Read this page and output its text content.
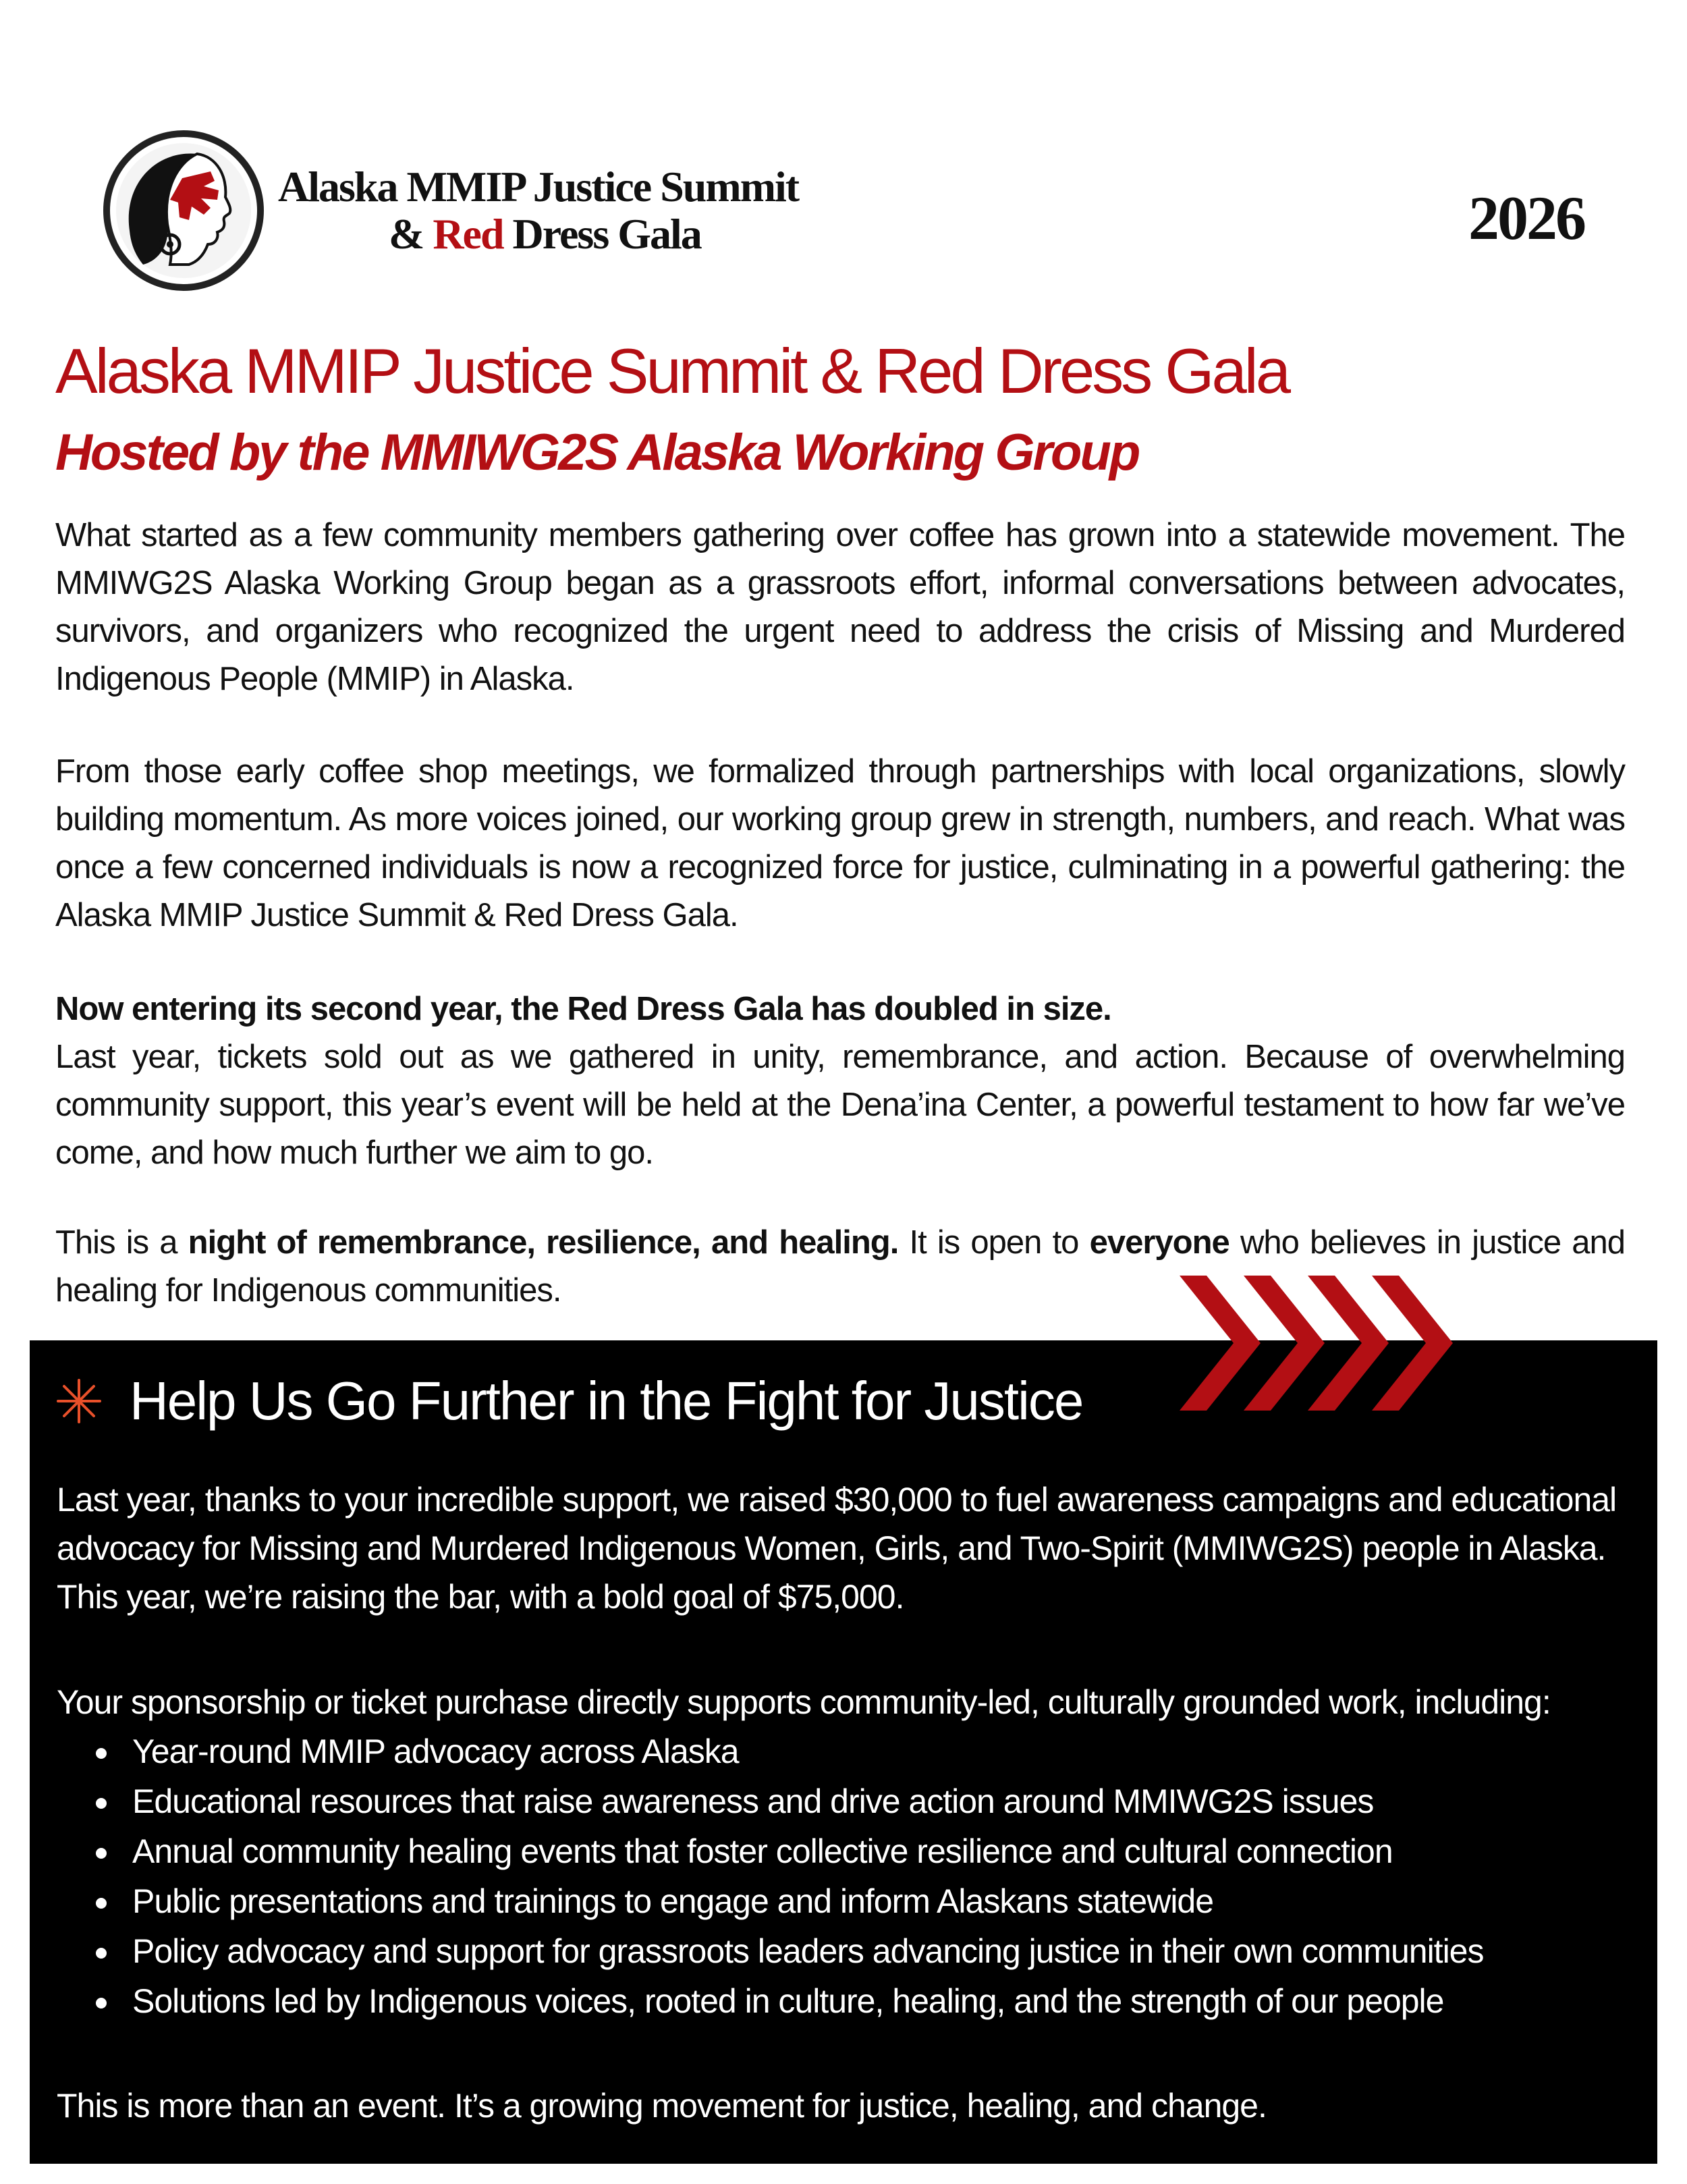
Alaska MMIP Justice Summit
& Red Dress Gala	2026
Alaska MMIP Justice Summit & Red Dress Gala
Hosted by the MMIWG2S Alaska Working Group
What started as a few community members gathering over coffee has grown into a statewide movement. The MMIWG2S Alaska Working Group began as a grassroots effort, informal conversations between advocates, survivors, and organizers who recognized the urgent need to address the crisis of Missing and Murdered Indigenous People (MMIP) in Alaska.
From those early coffee shop meetings, we formalized through partnerships with local organizations, slowly building momentum. As more voices joined, our working group grew in strength, numbers, and reach. What was once a few concerned individuals is now a recognized force for justice, culminating in a powerful gathering: the Alaska MMIP Justice Summit & Red Dress Gala.
Now entering its second year, the Red Dress Gala has doubled in size.
Last year, tickets sold out as we gathered in unity, remembrance, and action. Because of overwhelming community support, this year’s event will be held at the Dena’ina Center, a powerful testament to how far we’ve come, and how much further we aim to go.
This is a night of remembrance, resilience, and healing. It is open to everyone who believes in justice and healing for Indigenous communities.
Help Us Go Further in the Fight for Justice
Last year, thanks to your incredible support, we raised $30,000 to fuel awareness campaigns and educational advocacy for Missing and Murdered Indigenous Women, Girls, and Two-Spirit (MMIWG2S) people in Alaska. This year, we’re raising the bar, with a bold goal of $75,000.
Your sponsorship or ticket purchase directly supports community-led, culturally grounded work, including:
Year-round MMIP advocacy across Alaska
Educational resources that raise awareness and drive action around MMIWG2S issues
Annual community healing events that foster collective resilience and cultural connection
Public presentations and trainings to engage and inform Alaskans statewide
Policy advocacy and support for grassroots leaders advancing justice in their own communities
Solutions led by Indigenous voices, rooted in culture, healing, and the strength of our people
This is more than an event. It’s a growing movement for justice, healing, and change.
